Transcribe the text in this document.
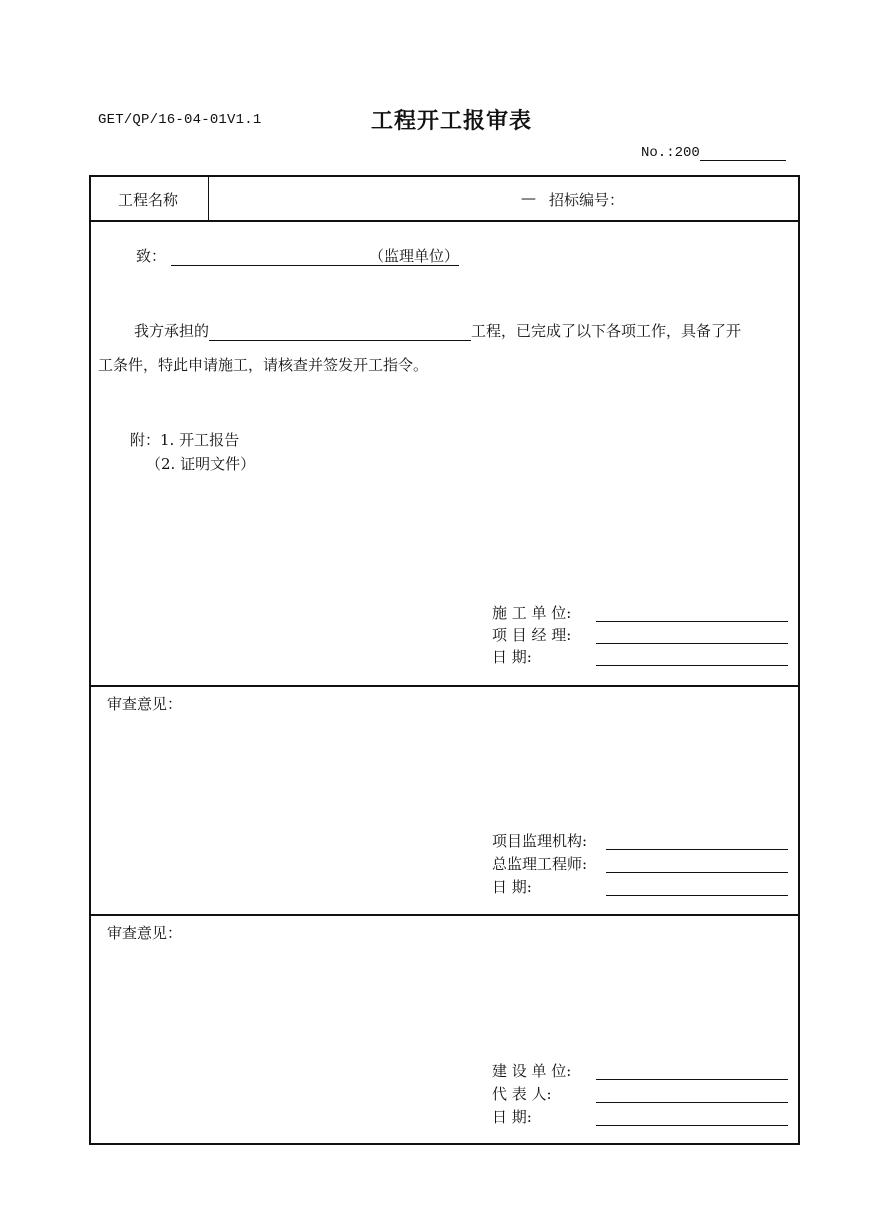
GET/QP/16-04-01V1.1	工程开工报审表
No.:200
工程名称	— 招标编号：
致：	（监理单位）
我方承担的	工程，已完成了以下各项工作，具备了开
工条件，特此申请施工，请核查并签发开工指令。
附：1. 开工报告
（2. 证明文件）
施 工 单 位:
项 目 经 理:
日 期:
审查意见：
项目监理机构:
总监理工程师:
日 期:
审查意见：
建 设 单 位:
代 表 人:
日 期:
